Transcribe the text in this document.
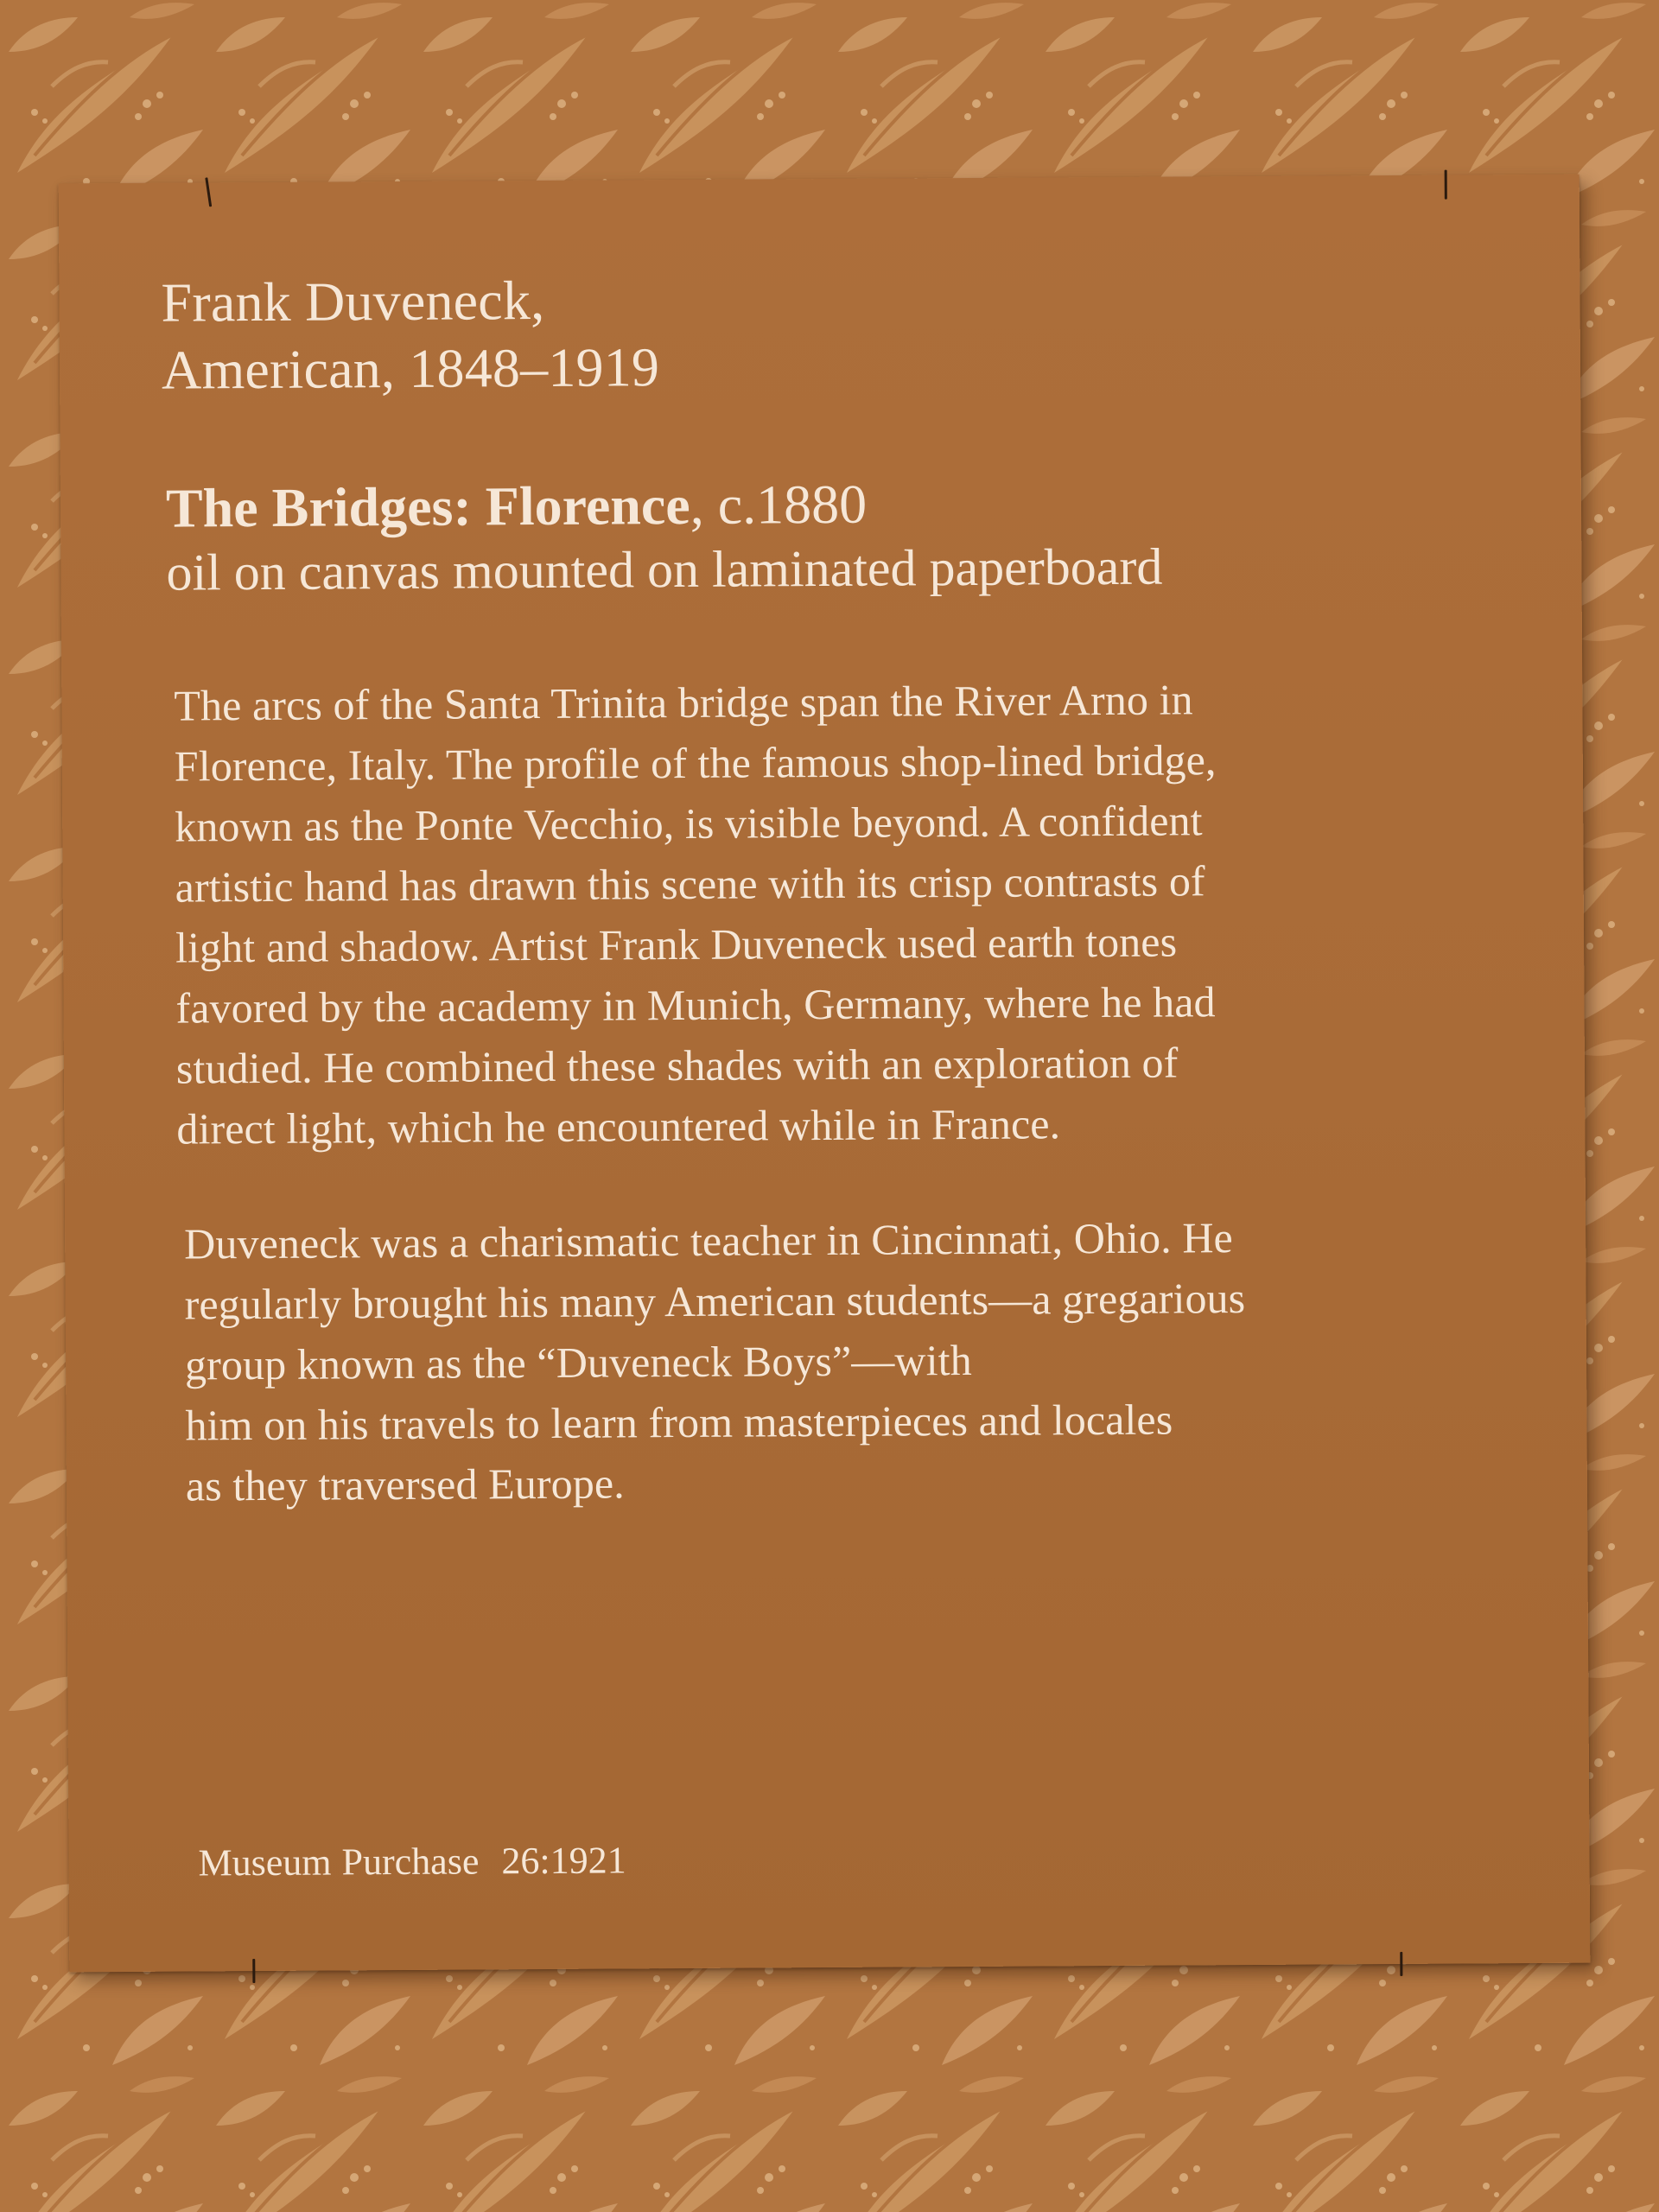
Frank Duveneck,
American, 1848–1919
The Bridges: Florence, c.1880
oil on canvas mounted on laminated paperboard
The arcs of the Santa Trinita bridge span the River Arno in
Florence, Italy. The profile of the famous shop-lined bridge,
known as the Ponte Vecchio, is visible beyond. A confident
artistic hand has drawn this scene with its crisp contrasts of
light and shadow. Artist Frank Duveneck used earth tones
favored by the academy in Munich, Germany, where he had
studied. He combined these shades with an exploration of
direct light, which he encountered while in France.
Duveneck was a charismatic teacher in Cincinnati, Ohio. He
regularly brought his many American students—a gregarious
group known as the “Duveneck Boys”—with
him on his travels to learn from masterpieces and locales
as they traversed Europe.
Museum Purchase 26:1921
